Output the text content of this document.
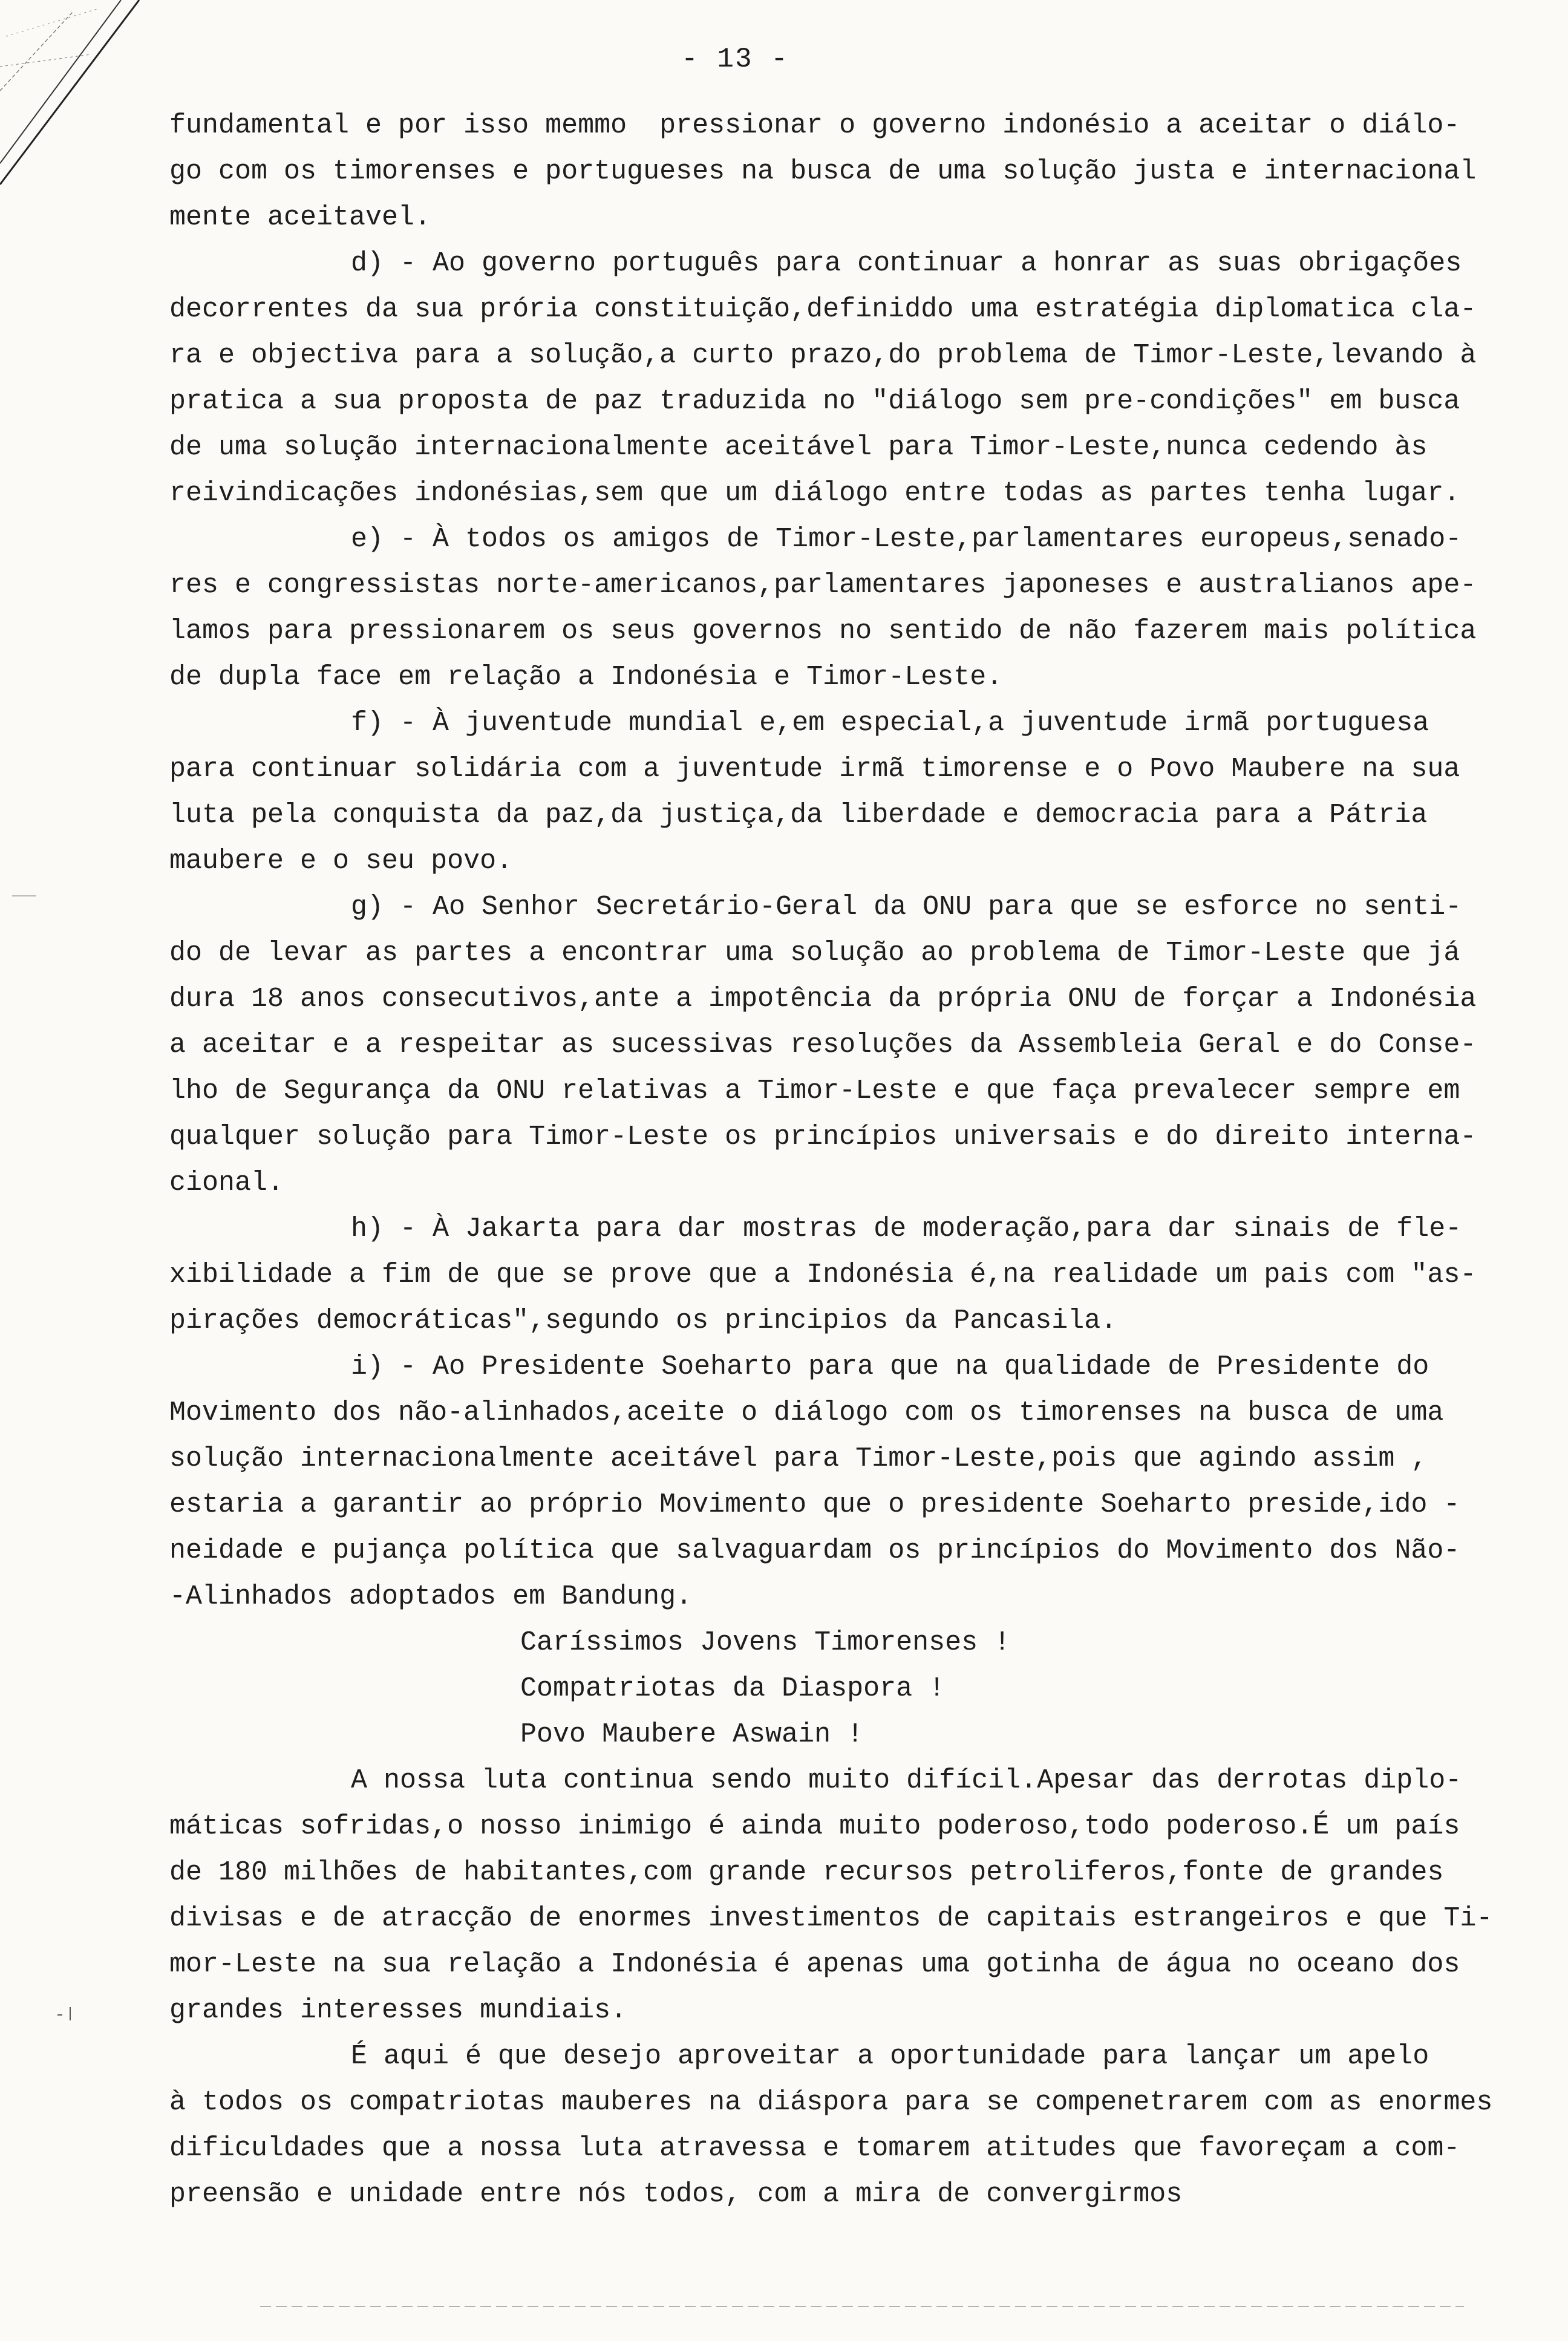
- 13 -
fundamental e por isso memmo  pressionar o governo indonésio a aceitar o diálo-
go com os timorenses e portugueses na busca de uma solução justa e internacional
mente aceitavel.
d) - Ao governo português para continuar a honrar as suas obrigações
decorrentes da sua prória constituição,definiddo uma estratégia diplomatica cla-
ra e objectiva para a solução,a curto prazo,do problema de Timor-Leste,levando à
pratica a sua proposta de paz traduzida no "diálogo sem pre-condições" em busca
de uma solução internacionalmente aceitável para Timor-Leste,nunca cedendo às
reivindicações indonésias,sem que um diálogo entre todas as partes tenha lugar.
e) - À todos os amigos de Timor-Leste,parlamentares europeus,senado-
res e congressistas norte-americanos,parlamentares japoneses e australianos ape-
lamos para pressionarem os seus governos no sentido de não fazerem mais política
de dupla face em relação a Indonésia e Timor-Leste.
f) - À juventude mundial e,em especial,a juventude irmã portuguesa
para continuar solidária com a juventude irmã timorense e o Povo Maubere na sua
luta pela conquista da paz,da justiça,da liberdade e democracia para a Pátria
maubere e o seu povo.
g) - Ao Senhor Secretário-Geral da ONU para que se esforce no senti-
do de levar as partes a encontrar uma solução ao problema de Timor-Leste que já
dura 18 anos consecutivos,ante a impotência da própria ONU de forçar a Indonésia
a aceitar e a respeitar as sucessivas resoluções da Assembleia Geral e do Conse-
lho de Segurança da ONU relativas a Timor-Leste e que faça prevalecer sempre em
qualquer solução para Timor-Leste os princípios universais e do direito interna-
cional.
h) - À Jakarta para dar mostras de moderação,para dar sinais de fle-
xibilidade a fim de que se prove que a Indonésia é,na realidade um pais com "as-
pirações democráticas",segundo os principios da Pancasila.
i) - Ao Presidente Soeharto para que na qualidade de Presidente do
Movimento dos não-alinhados,aceite o diálogo com os timorenses na busca de uma
solução internacionalmente aceitável para Timor-Leste,pois que agindo assim ,
estaria a garantir ao próprio Movimento que o presidente Soeharto preside,ido -
neidade e pujança política que salvaguardam os princípios do Movimento dos Não-
-Alinhados adoptados em Bandung.
Caríssimos Jovens Timorenses !
Compatriotas da Diaspora !
Povo Maubere Aswain !
A nossa luta continua sendo muito difícil.Apesar das derrotas diplo-
máticas sofridas,o nosso inimigo é ainda muito poderoso,todo poderoso.É um país
de 180 milhões de habitantes,com grande recursos petroliferos,fonte de grandes
divisas e de atracção de enormes investimentos de capitais estrangeiros e que Ti-
mor-Leste na sua relação a Indonésia é apenas uma gotinha de água no oceano dos
grandes interesses mundiais.
É aqui é que desejo aproveitar a oportunidade para lançar um apelo
à todos os compatriotas mauberes na diáspora para se compenetrarem com as enormes
dificuldades que a nossa luta atravessa e tomarem atitudes que favoreçam a com-
preensão e unidade entre nós todos, com a mira de convergirmos
